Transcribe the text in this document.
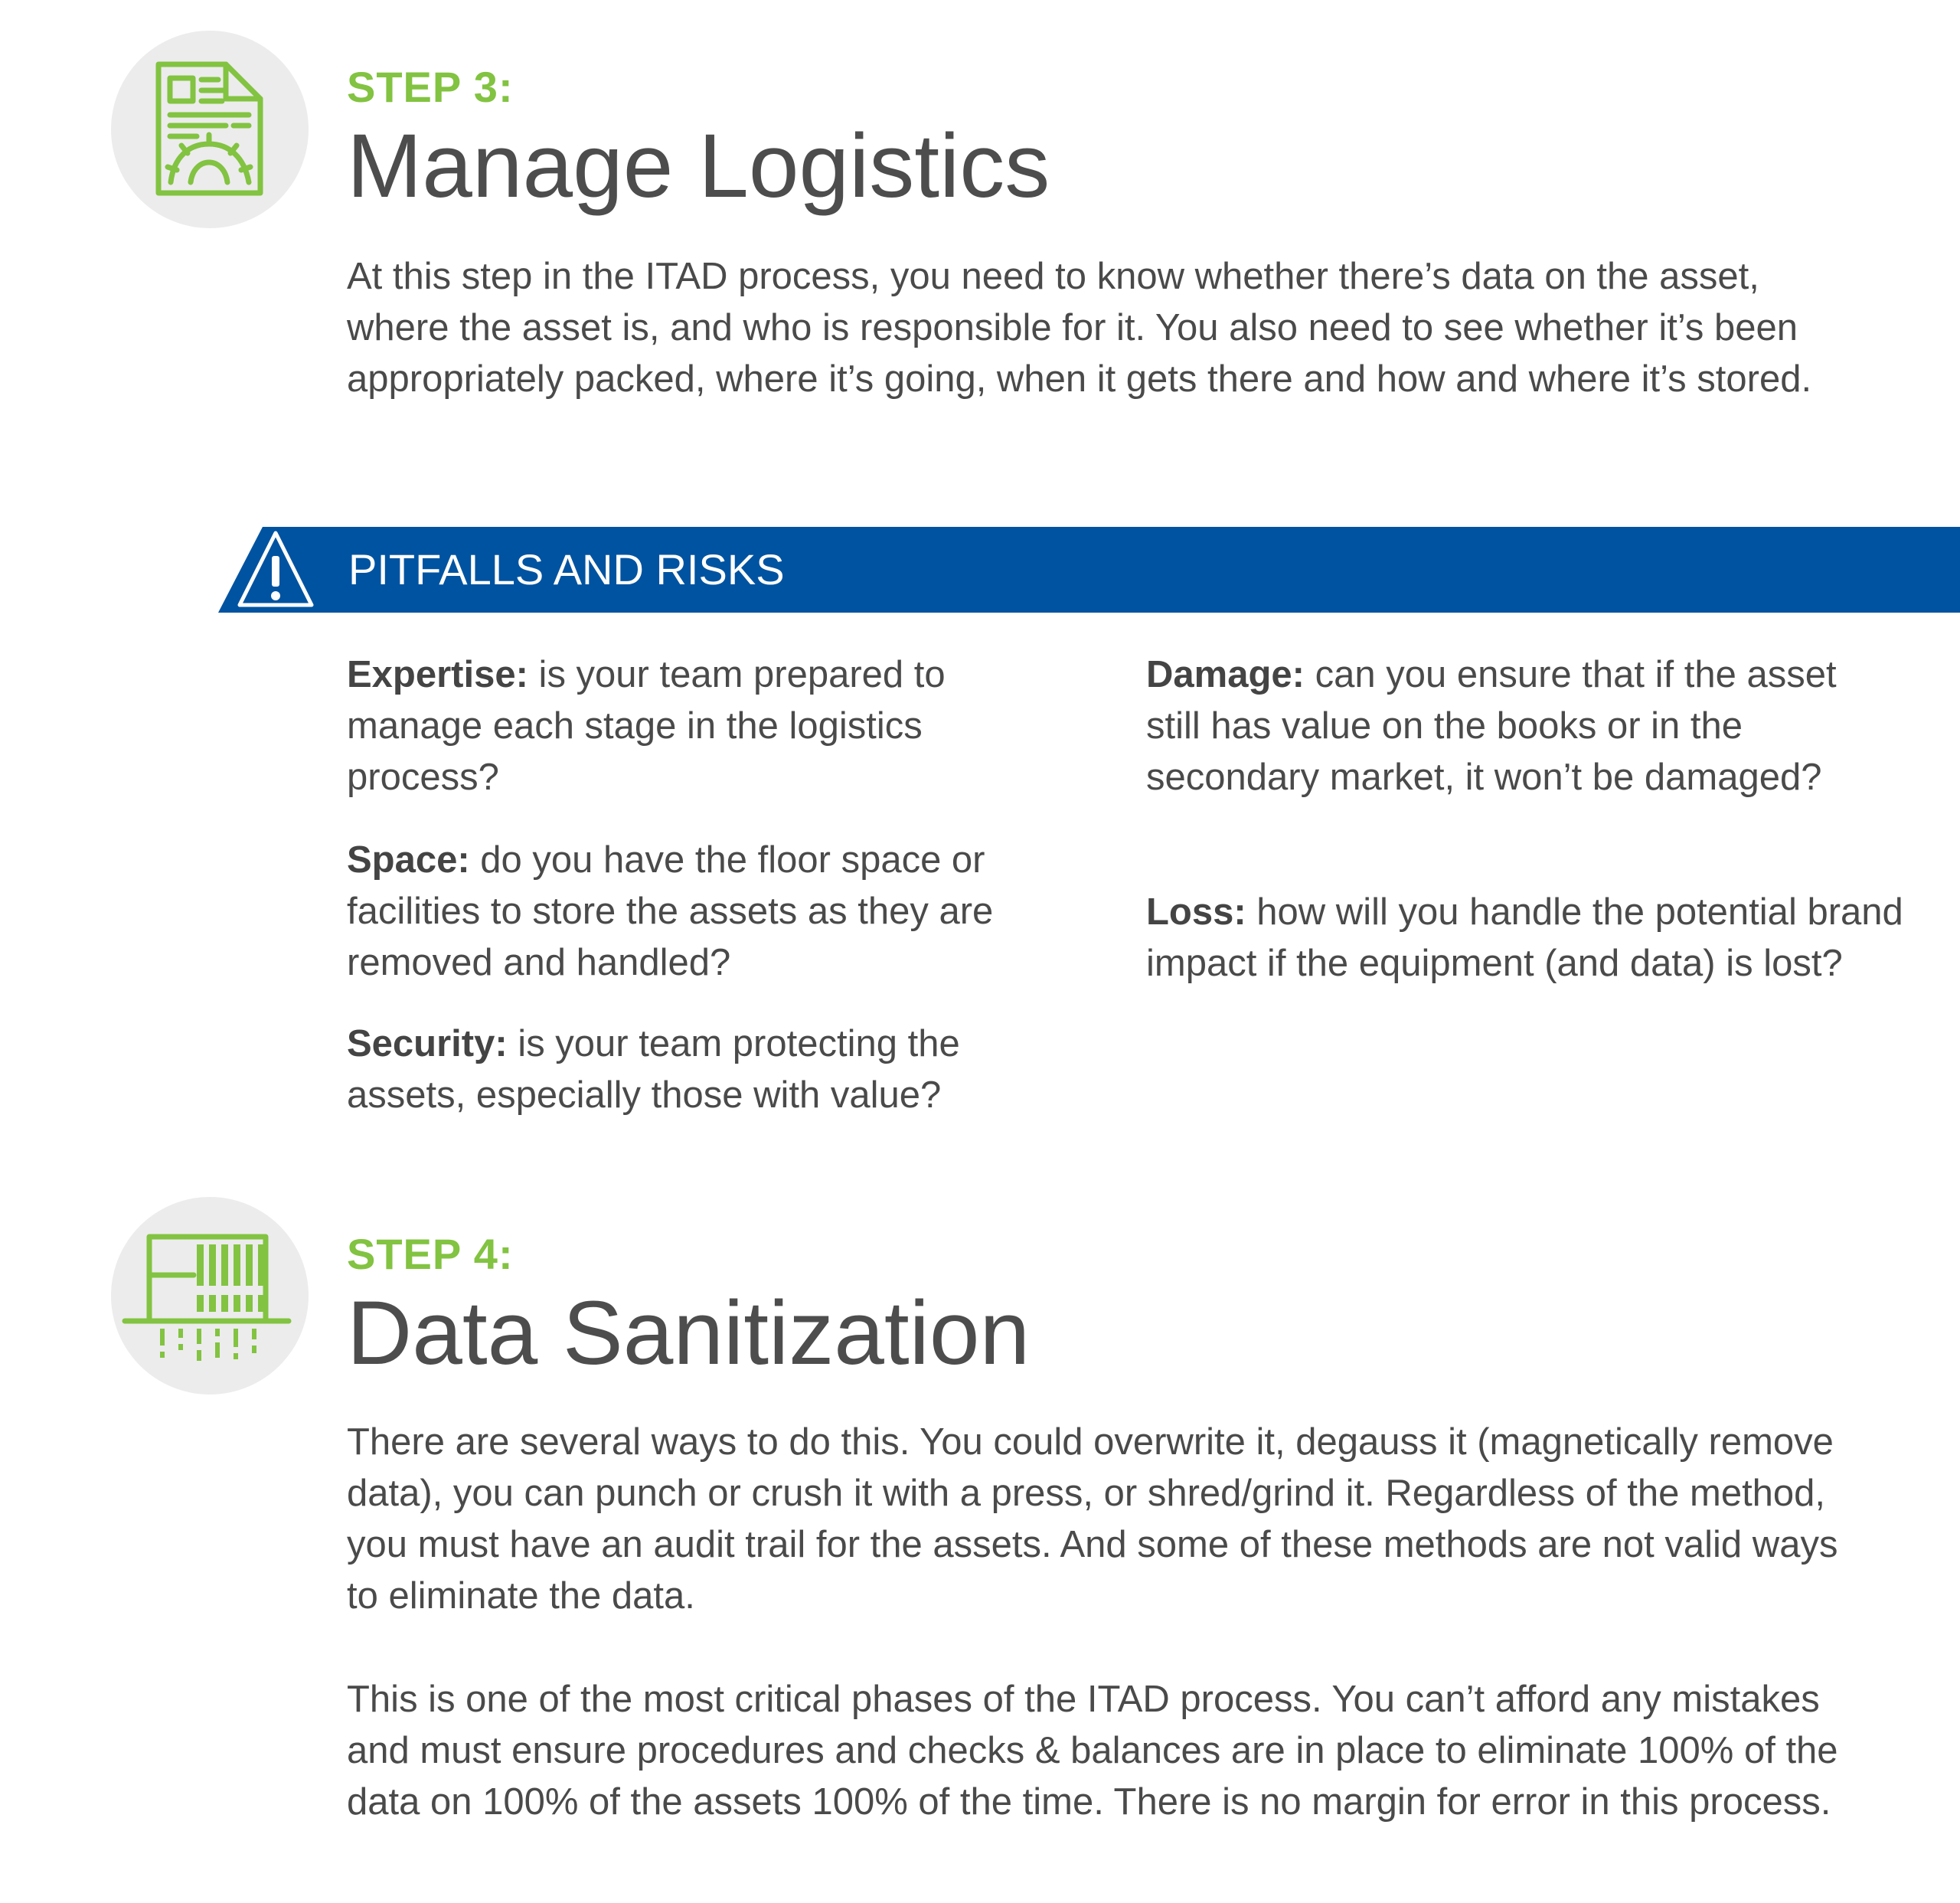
STEP 3:
Manage Logistics
At this step in the ITAD process, you need to know whether there’s data on the asset, where the asset is, and who is responsible for it. You also need to see whether it’s been appropriately packed, where it’s going, when it gets there and how and where it’s stored.
PITFALLS AND RISKS
Expertise: is your team prepared to manage each stage in the logistics process?
Space: do you have the floor space or facilities to store the assets as they are removed and handled?
Security: is your team protecting the assets, especially those with value?
Damage: can you ensure that if the asset still has value on the books or in the secondary market, it won’t be damaged?
Loss: how will you handle the potential brand impact if the equipment (and data) is lost?
STEP 4:
Data Sanitization
There are several ways to do this. You could overwrite it, degauss it (magnetically remove data), you can punch or crush it with a press, or shred/grind it. Regardless of the method, you must have an audit trail for the assets. And some of these methods are not valid ways to eliminate the data.
This is one of the most critical phases of the ITAD process. You can’t afford any mistakes and must ensure procedures and checks & balances are in place to eliminate 100% of the data on 100% of the assets 100% of the time. There is no margin for error in this process.
